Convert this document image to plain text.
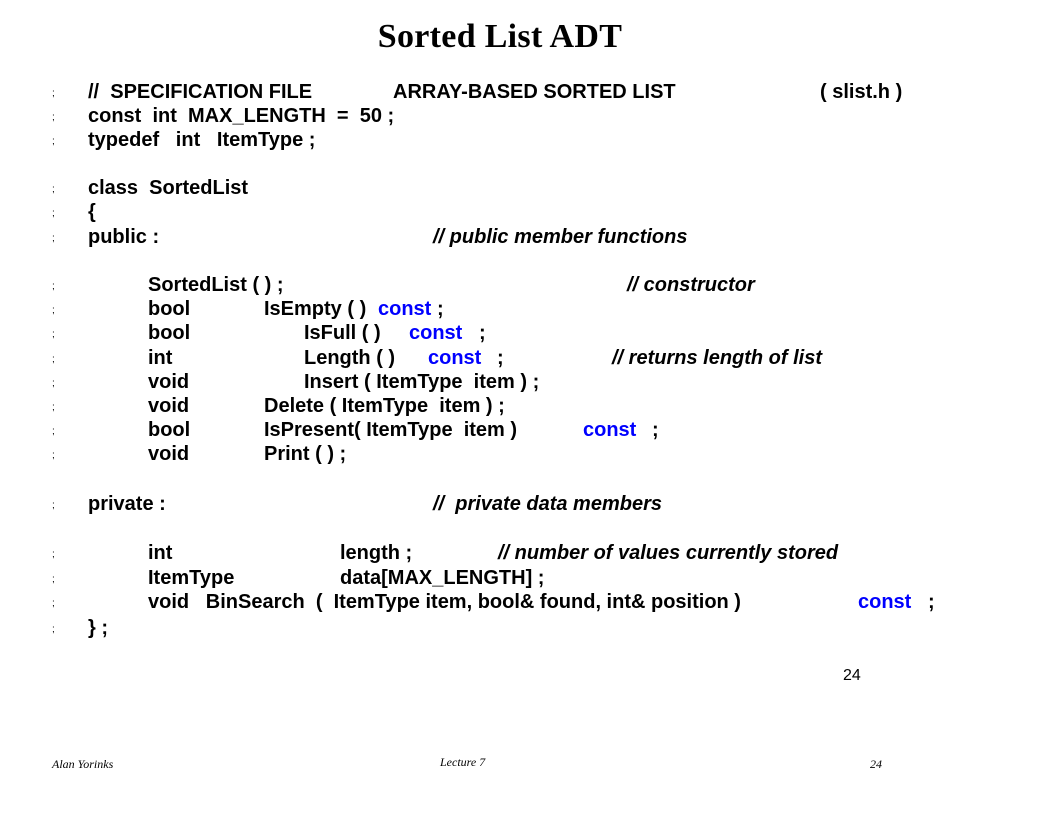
Sorted List ADT
; //  SPECIFICATION FILE	ARRAY-BASED SORTED LIST	( slist.h )
; const  int  MAX_LENGTH  =  50 ;
; typedef   int   ItemType ;
; class  SortedList
; {
; public :	// public member functions
;	SortedList ( ) ;	// constructor
;	bool	IsEmpty ( ) const ;
;	bool	IsFull ( ) const ;
;	int	Length ( ) const ;	// returns length of list
;	void	Insert ( ItemType  item ) ;
;	void	Delete ( ItemType  item ) ;
;	bool	IsPresent( ItemType  item )	const ;
;	void	Print ( ) ;
; private :	//  private data members
;	int	length ;	// number of values currently stored
;	ItemType	data[MAX_LENGTH] ;
;	void   BinSearch  (  ItemType item, bool& found, int& position )	const ;
; } ;
24
Alan Yorinks	Lecture 7	24
